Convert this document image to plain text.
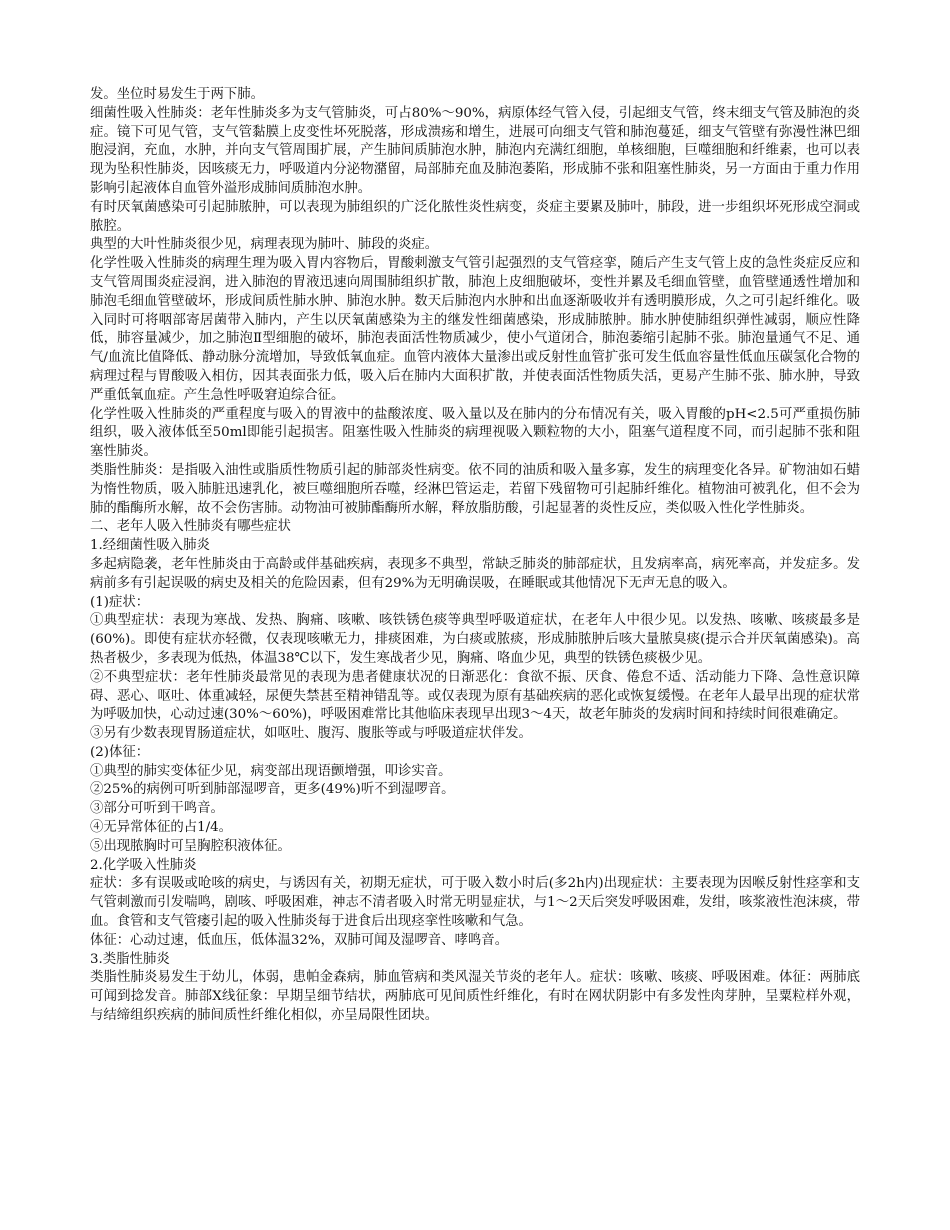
发。坐位时易发生于两下肺。

细菌性吸入性肺炎：老年性肺炎多为支气管肺炎，可占80%～90%，病原体经气管入侵，引起细支气管，终末细支气管及肺泡的炎症。镜下可见气管，支气管黏膜上皮变性坏死脱落，形成溃疡和增生，进展可向细支气管和肺泡蔓延，细支气管壁有弥漫性淋巴细胞浸润，充血，水肿，并向支气管周围扩展，产生肺间质肺泡水肿，肺泡内充满红细胞，单核细胞，巨噬细胞和纤维素，也可以表现为坠积性肺炎，因咳痰无力，呼吸道内分泌物潴留，局部肺充血及肺泡萎陷，形成肺不张和阻塞性肺炎，另一方面由于重力作用影响引起液体自血管外溢形成肺间质肺泡水肿。

有时厌氧菌感染可引起肺脓肿，可以表现为肺组织的广泛化脓性炎性病变，炎症主要累及肺叶，肺段，进一步组织坏死形成空洞或脓腔。

典型的大叶性肺炎很少见，病理表现为肺叶、肺段的炎症。

化学性吸入性肺炎的病理生理为吸入胃内容物后，胃酸刺激支气管引起强烈的支气管痉挛，随后产生支气管上皮的急性炎症反应和支气管周围炎症浸润，进入肺泡的胃液迅速向周围肺组织扩散，肺泡上皮细胞破坏，变性并累及毛细血管壁，血管壁通透性增加和肺泡毛细血管壁破坏，形成间质性肺水肿、肺泡水肿。数天后肺泡内水肿和出血逐渐吸收并有透明膜形成，久之可引起纤维化。吸入同时可将咽部寄居菌带入肺内，产生以厌氧菌感染为主的继发性细菌感染，形成肺脓肿。肺水肿使肺组织弹性减弱，顺应性降低，肺容量减少，加之肺泡Ⅱ型细胞的破坏，肺泡表面活性物质减少，使小气道闭合，肺泡萎缩引起肺不张。肺泡量通气不足、通气/血流比值降低、静动脉分流增加，导致低氧血症。血管内液体大量渗出或反射性血管扩张可发生低血容量性低血压碳氢化合物的病理过程与胃酸吸入相仿，因其表面张力低，吸入后在肺内大面积扩散，并使表面活性物质失活，更易产生肺不张、肺水肿，导致严重低氧血症。产生急性呼吸窘迫综合征。

化学性吸入性肺炎的严重程度与吸入的胃液中的盐酸浓度、吸入量以及在肺内的分布情况有关，吸入胃酸的pH<2.5可严重损伤肺组织，吸入液体低至50ml即能引起损害。阻塞性吸入性肺炎的病理视吸入颗粒物的大小，阻塞气道程度不同，而引起肺不张和阻塞性肺炎。

类脂性肺炎：是指吸入油性或脂质性物质引起的肺部炎性病变。依不同的油质和吸入量多寡，发生的病理变化各异。矿物油如石蜡为惰性物质，吸入肺脏迅速乳化，被巨噬细胞所吞噬，经淋巴管运走，若留下残留物可引起肺纤维化。植物油可被乳化，但不会为肺的酯酶所水解，故不会伤害肺。动物油可被肺酯酶所水解，释放脂肪酸，引起显著的炎性反应，类似吸入性化学性肺炎。

二、老年人吸入性肺炎有哪些症状

1.经细菌性吸入肺炎

多起病隐袭，老年性肺炎由于高龄或伴基础疾病，表现多不典型，常缺乏肺炎的肺部症状，且发病率高，病死率高，并发症多。发病前多有引起误吸的病史及相关的危险因素，但有29%为无明确误吸，在睡眠或其他情况下无声无息的吸入。

(1)症状：

①典型症状：表现为寒战、发热、胸痛、咳嗽、咳铁锈色痰等典型呼吸道症状，在老年人中很少见。以发热、咳嗽、咳痰最多是(60%)。即使有症状亦轻微，仅表现咳嗽无力，排痰困难，为白痰或脓痰，形成肺脓肿后咳大量脓臭痰(提示合并厌氧菌感染)。高热者极少，多表现为低热，体温38℃以下，发生寒战者少见，胸痛、咯血少见，典型的铁锈色痰极少见。

②不典型症状：老年性肺炎最常见的表现为患者健康状况的日渐恶化：食欲不振、厌食、倦怠不适、活动能力下降、急性意识障碍、恶心、呕吐、体重减轻，尿便失禁甚至精神错乱等。或仅表现为原有基础疾病的恶化或恢复缓慢。在老年人最早出现的症状常为呼吸加快，心动过速(30%～60%)，呼吸困难常比其他临床表现早出现3～4天，故老年肺炎的发病时间和持续时间很难确定。

③另有少数表现胃肠道症状，如呕吐、腹泻、腹胀等或与呼吸道症状伴发。

(2)体征：

①典型的肺实变体征少见，病变部出现语颤增强，叩诊实音。

②25%的病例可听到肺部湿啰音，更多(49%)听不到湿啰音。

③部分可听到干鸣音。

④无异常体征的占1/4。

⑤出现脓胸时可呈胸腔积液体征。

2.化学吸入性肺炎

症状：多有误吸或呛咳的病史，与诱因有关，初期无症状，可于吸入数小时后(多2h内)出现症状：主要表现为因喉反射性痉挛和支气管刺激而引发喘鸣，剧咳、呼吸困难，神志不清者吸入时常无明显症状，与1～2天后突发呼吸困难，发绀，咳浆液性泡沫痰，带血。食管和支气管瘘引起的吸入性肺炎每于进食后出现痉挛性咳嗽和气急。

体征：心动过速，低血压，低体温32%，双肺可闻及湿啰音、哮鸣音。

3.类脂性肺炎

类脂性肺炎易发生于幼儿，体弱，患帕金森病，肺血管病和类风湿关节炎的老年人。症状：咳嗽、咳痰、呼吸困难。体征：两肺底可闻到捻发音。肺部X线征象：早期呈细节结状，两肺底可见间质性纤维化，有时在网状阴影中有多发性肉芽肿，呈粟粒样外观，与结缔组织疾病的肺间质性纤维化相似，亦呈局限性团块。
